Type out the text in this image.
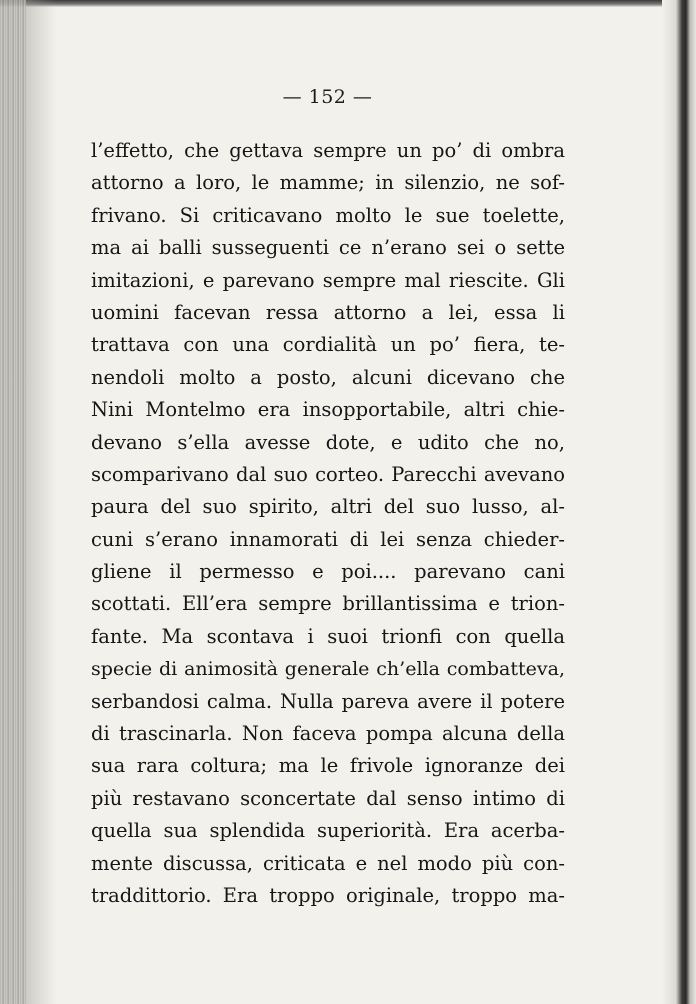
— 152 —
l’effetto, che gettava sempre un po’ di ombra
attorno a loro, le mamme; in silenzio, ne sof-
frivano. Si criticavano molto le sue toelette,
ma ai balli susseguenti ce n’erano sei o sette
imitazioni, e parevano sempre mal riescite. Gli
uomini facevan ressa attorno a lei, essa li
trattava con una cordialità un po’ fiera, te-
nendoli molto a posto, alcuni dicevano che
Nini Montelmo era insopportabile, altri chie-
devano s’ella avesse dote, e udito che no,
scomparivano dal suo corteo. Parecchi avevano
paura del suo spirito, altri del suo lusso, al-
cuni s’erano innamorati di lei senza chieder-
gliene il permesso e poi.... parevano cani
scottati. Ell’era sempre brillantissima e trion-
fante. Ma scontava i suoi trionfi con quella
specie di animosità generale ch’ella combatteva,
serbandosi calma. Nulla pareva avere il potere
di trascinarla. Non faceva pompa alcuna della
sua rara coltura; ma le frivole ignoranze dei
più restavano sconcertate dal senso intimo di
quella sua splendida superiorità. Era acerba-
mente discussa, criticata e nel modo più con-
traddittorio. Era troppo originale, troppo ma-
